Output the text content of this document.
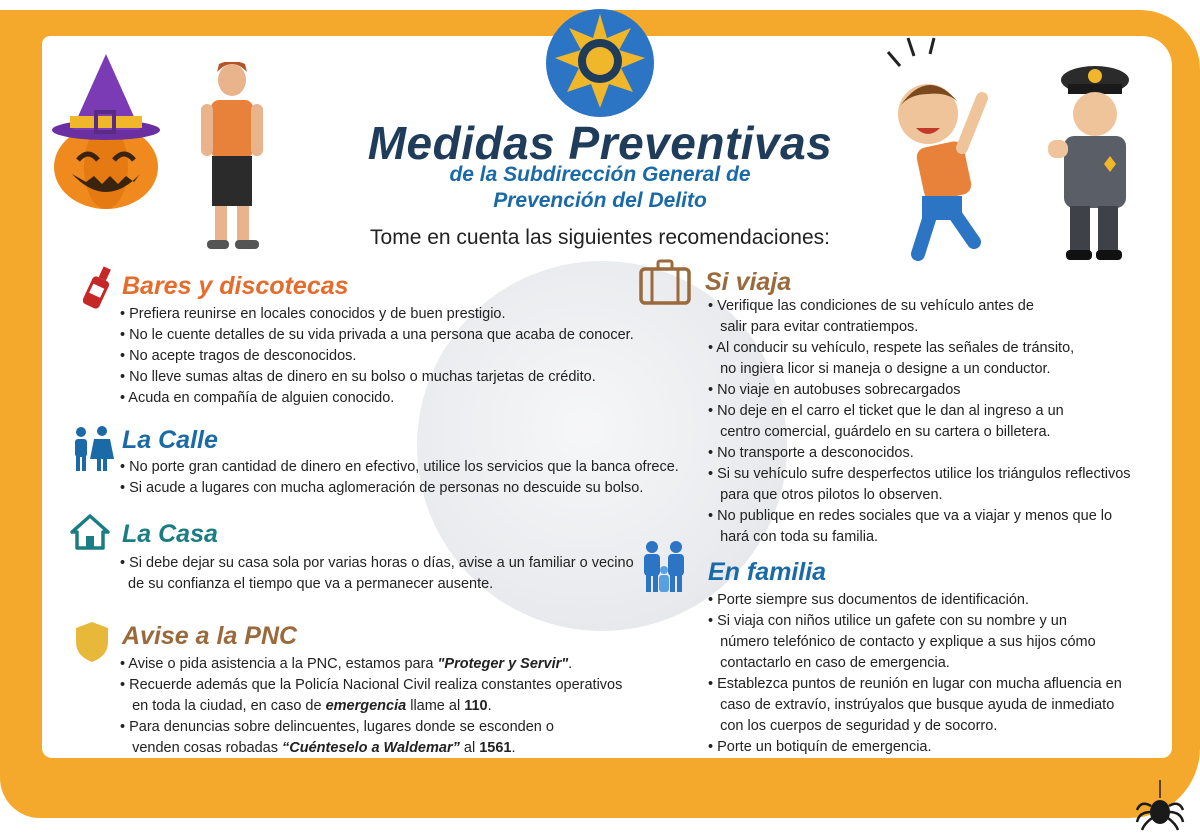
Medidas Preventivas
de la Subdirección General de
Prevención del Delito
Tome en cuenta las siguientes recomendaciones:
Bares y discotecas
• Prefiera reunirse en locales conocidos y de buen prestigio.
• No le cuente detalles de su vida privada a una persona que acaba de conocer.
• No acepte tragos de desconocidos.
• No lleve sumas altas de dinero en su bolso o muchas tarjetas de crédito.
• Acuda en compañía de alguien conocido.
La Calle
• No porte gran cantidad de dinero en efectivo, utilice los servicios que la banca ofrece.
• Si acude a lugares con mucha aglomeración de personas no descuide su bolso.
La Casa
• Si debe dejar su casa sola por varias horas o días, avise a un familiar o vecino
de su confianza el tiempo que va a permanecer ausente.
Avise a la PNC
• Avise o pida asistencia a la PNC, estamos para "Proteger y Servir".
• Recuerde además que la Policía Nacional Civil realiza constantes operativos
en toda la ciudad, en caso de emergencia llame al 110.
• Para denuncias sobre delincuentes, lugares donde se esconden o
venden cosas robadas “Cuénteselo a Waldemar” al 1561.
Si viaja
• Verifique las condiciones de su vehículo antes de
salir para evitar contratiempos.
• Al conducir su vehículo, respete las señales de tránsito,
no ingiera licor si maneja o designe a un conductor.
• No viaje en autobuses sobrecargados
• No deje en el carro el ticket que le dan al ingreso a un
centro comercial, guárdelo en su cartera o billetera.
• No transporte a desconocidos.
• Si su vehículo sufre desperfectos utilice los triángulos reflectivos
para que otros pilotos lo observen.
• No publique en redes sociales que va a viajar y menos que lo
hará con toda su familia.
En familia
• Porte siempre sus documentos de identificación.
• Si viaja con niños utilice un gafete con su nombre y un
número telefónico de contacto y explique a sus hijos cómo
contactarlo en caso de emergencia.
• Establezca puntos de reunión en lugar con mucha afluencia en
caso de extravío, instrúyalos que busque ayuda de inmediato
con los cuerpos de seguridad y de socorro.
• Porte un botiquín de emergencia.
